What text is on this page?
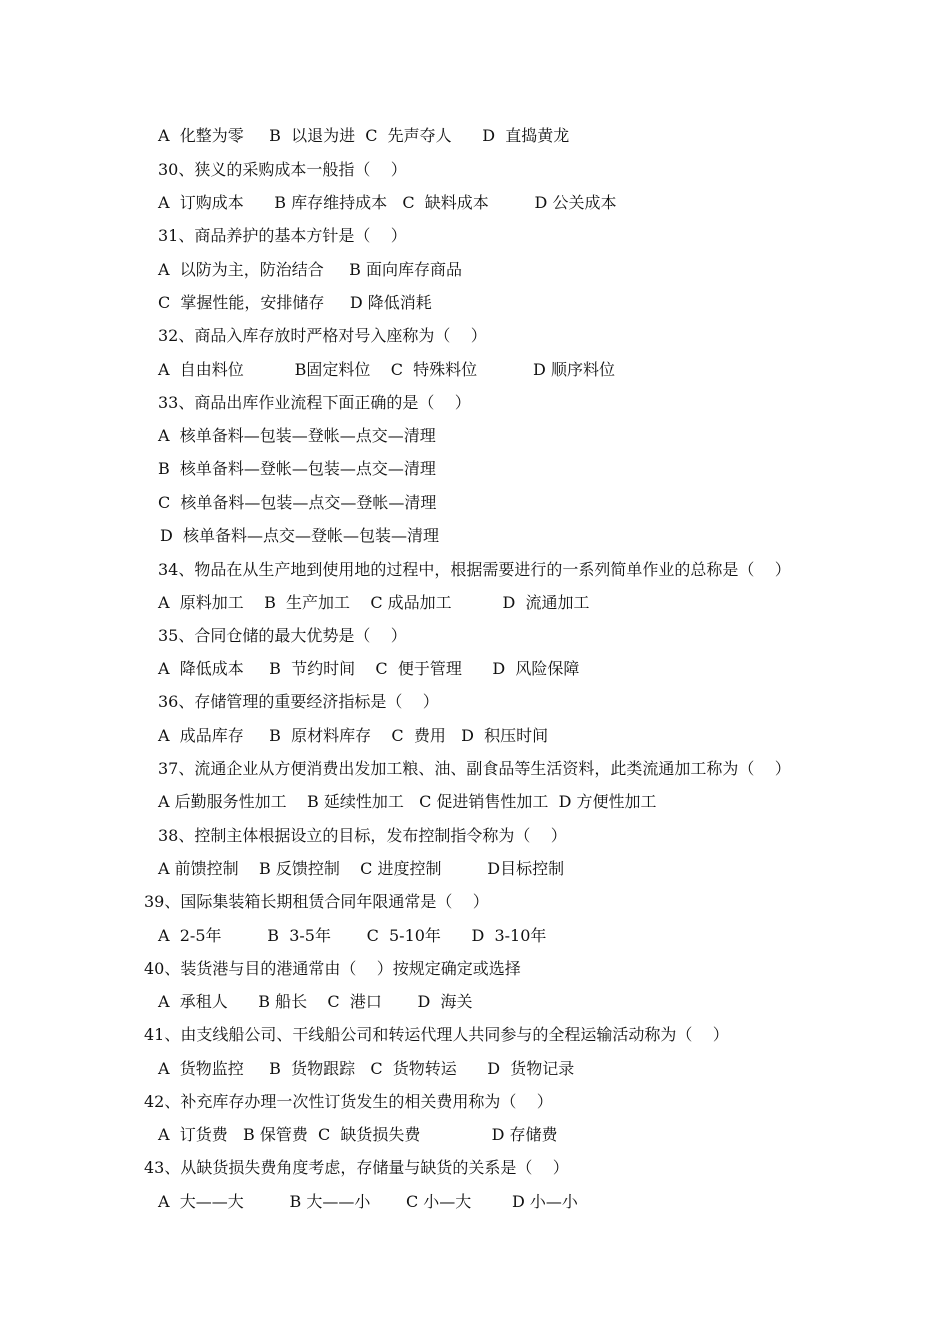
A  化整为零     B  以退为进  C  先声夺人      D  直捣黄龙
30、狭义的采购成本一般指（    ）
A  订购成本      B 库存维持成本   C  缺料成本         D 公关成本
31、商品养护的基本方针是（    ）
A  以防为主，防治结合     B 面向库存商品
C  掌握性能，安排储存     D 降低消耗
32、商品入库存放时严格对号入座称为（    ）
A  自由料位          B固定料位    C  特殊料位           D 顺序料位
33、商品出库作业流程下面正确的是（    ）
A  核单备料—包装—登帐—点交—清理
B  核单备料—登帐—包装—点交—清理
C  核单备料—包装—点交—登帐—清理
D  核单备料—点交—登帐—包装—清理
34、物品在从生产地到使用地的过程中，根据需要进行的一系列简单作业的总称是（    ）
A  原料加工    B  生产加工    C 成品加工          D  流通加工
35、合同仓储的最大优势是（    ）
A  降低成本     B  节约时间    C  便于管理      D  风险保障
36、存储管理的重要经济指标是（    ）
A  成品库存     B  原材料库存    C  费用   D  积压时间
37、流通企业从方便消费出发加工粮、油、副食品等生活资料，此类流通加工称为（    ）
A 后勤服务性加工    B 延续性加工   C 促进销售性加工  D 方便性加工
38、控制主体根据设立的目标，发布控制指令称为（    ）
A 前馈控制    B 反馈控制    C 进度控制         D目标控制
39、国际集装箱长期租赁合同年限通常是（    ）
A  2-5年         B  3-5年       C  5-10年      D  3-10年
40、装货港与目的港通常由（    ）按规定确定或选择
A  承租人      B 船长    C  港口       D  海关
41、由支线船公司、干线船公司和转运代理人共同参与的全程运输活动称为（    ）
A  货物监控     B  货物跟踪   C  货物转运      D  货物记录
42、补充库存办理一次性订货发生的相关费用称为（    ）
A  订货费   B 保管费  C  缺货损失费              D 存储费
43、从缺货损失费角度考虑，存储量与缺货的关系是（    ）
A  大——大         B 大——小       C 小—大        D 小—小
